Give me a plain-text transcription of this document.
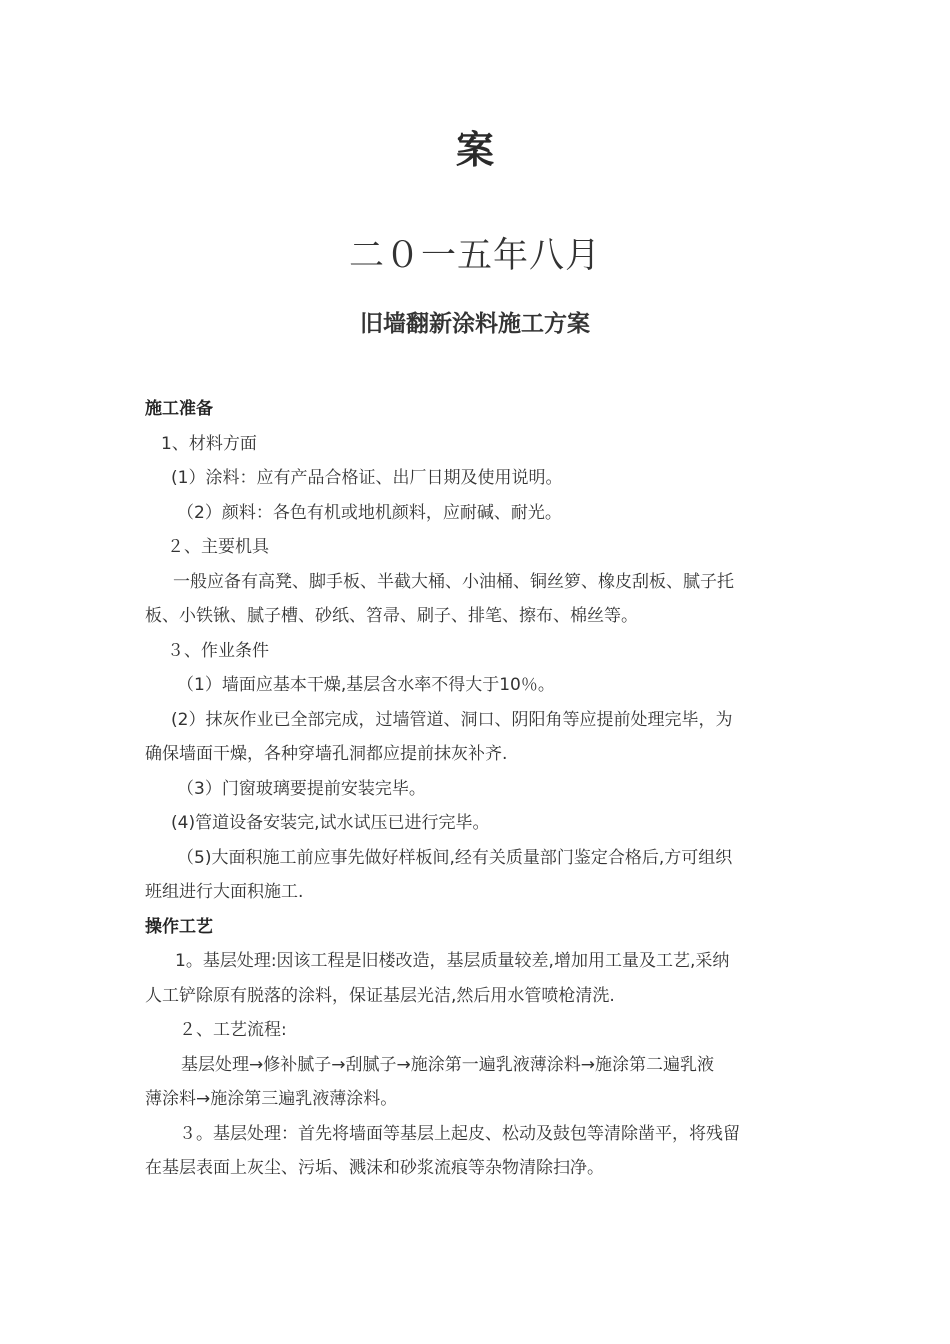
案
二０一五年八月
旧墙翻新涂料施工方案
施工准备
1、材料方面
(1）涂料：应有产品合格证、出厂日期及使用说明。
（2）颜料：各色有机或地机颜料，应耐碱、耐光。
２、主要机具
一般应备有高凳、脚手板、半截大桶、小油桶、铜丝箩、橡皮刮板、腻子托
板、小铁锹、腻子槽、砂纸、笤帚、刷子、排笔、擦布、棉丝等。
３、作业条件
（1）墙面应基本干燥,基层含水率不得大于10％。
(2）抹灰作业已全部完成，过墙管道、洞口、阴阳角等应提前处理完毕，为
确保墙面干燥，各种穿墙孔洞都应提前抹灰补齐.
（3）门窗玻璃要提前安装完毕。
(4)管道设备安装完,试水试压已进行完毕。
（5)大面积施工前应事先做好样板间,经有关质量部门鉴定合格后,方可组织
班组进行大面积施工.
操作工艺
1。基层处理:因该工程是旧楼改造，基层质量较差,增加用工量及工艺,采纳
人工铲除原有脱落的涂料，保证基层光洁,然后用水管喷枪清洗.
２、工艺流程:
基层处理→修补腻子→刮腻子→施涂第一遍乳液薄涂料→施涂第二遍乳液
薄涂料→施涂第三遍乳液薄涂料。
３。基层处理：首先将墙面等基层上起皮、松动及鼓包等清除凿平，将残留
在基层表面上灰尘、污垢、溅沫和砂浆流痕等杂物清除扫净。
